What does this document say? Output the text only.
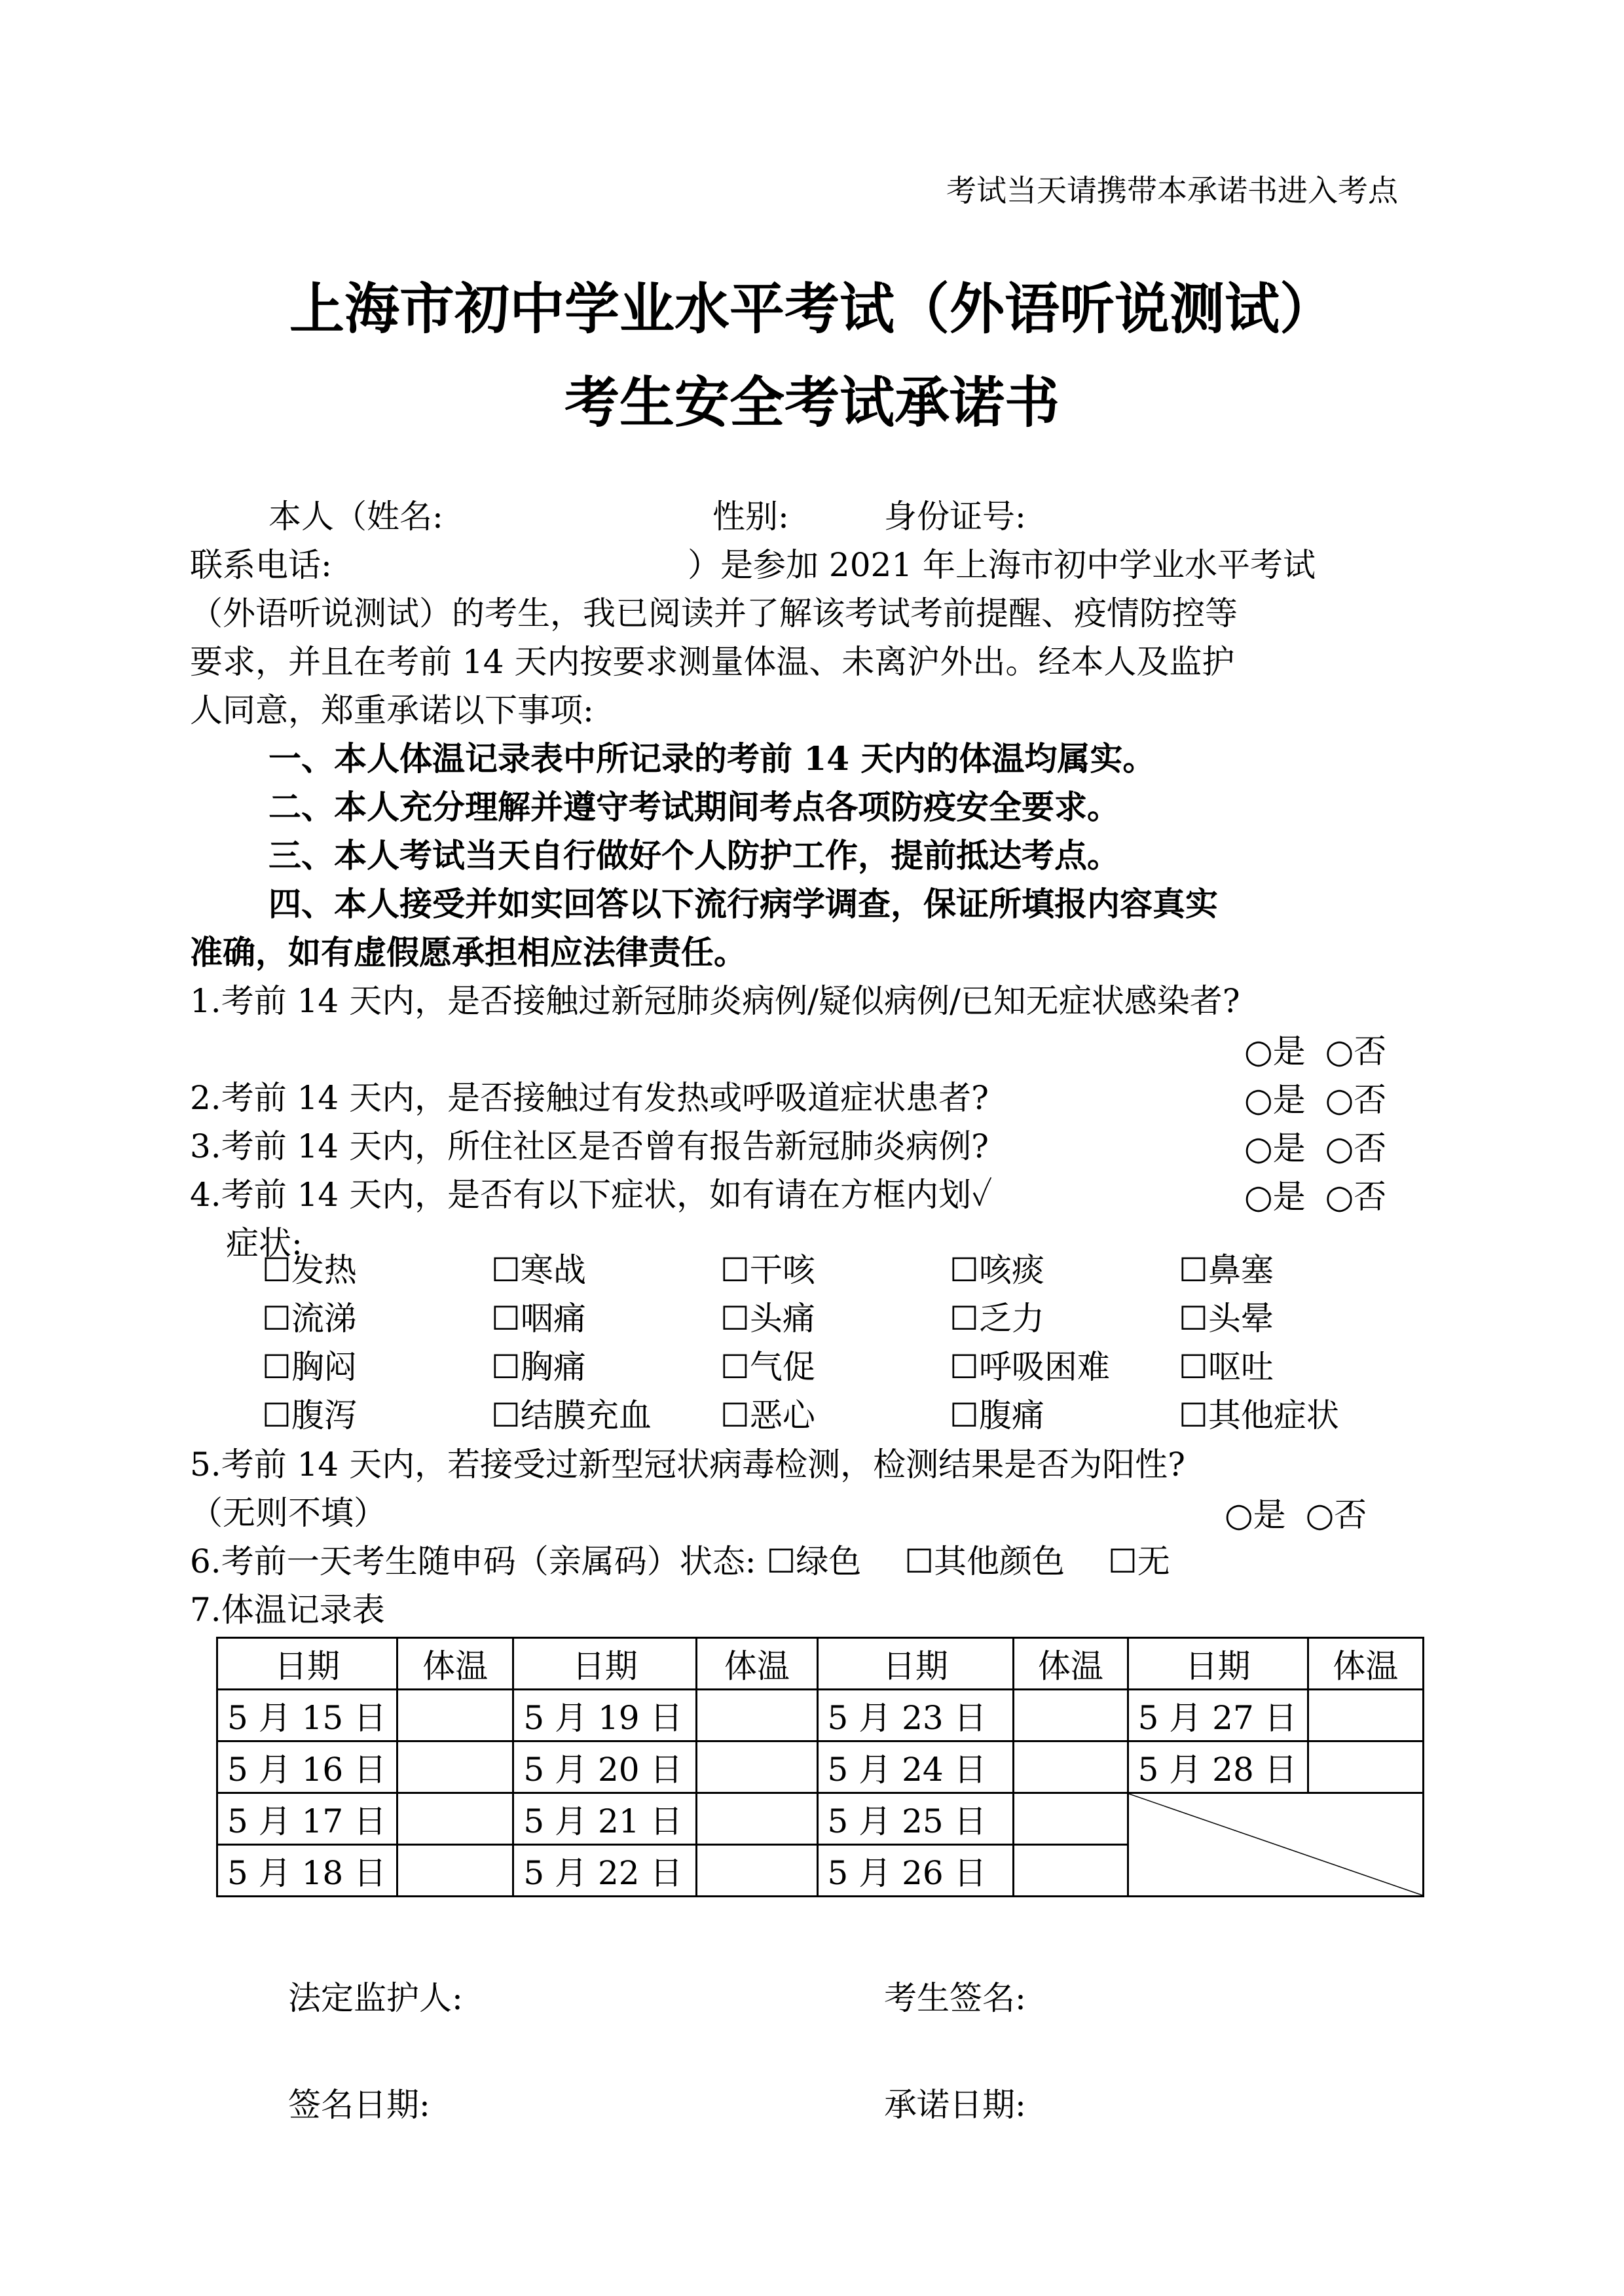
考试当天请携带本承诺书进入考点
上海市初中学业水平考试（外语听说测试）
考生安全考试承诺书
本人（姓名:	性别:	身份证号:
联系电话:	）是参加 2021 年上海市初中学业水平考试
（外语听说测试）的考生，我已阅读并了解该考试考前提醒、疫情防控等
要求，并且在考前 14 天内按要求测量体温、未离沪外出。经本人及监护
人同意，郑重承诺以下事项:
一、本人体温记录表中所记录的考前 14 天内的体温均属实。
二、本人充分理解并遵守考试期间考点各项防疫安全要求。
三、本人考试当天自行做好个人防护工作，提前抵达考点。
四、本人接受并如实回答以下流行病学调查，保证所填报内容真实
准确，如有虚假愿承担相应法律责任。
1.考前 14 天内，是否接触过新冠肺炎病例/疑似病例/已知无症状感染者?
○是 ○否
2.考前 14 天内，是否接触过有发热或呼吸道症状患者?	○是 ○否
3.考前 14 天内，所住社区是否曾有报告新冠肺炎病例?	○是 ○否
4.考前 14 天内，是否有以下症状，如有请在方框内划✓	○是 ○否
症状:
☐发热	☐寒战	☐干咳	☐咳痰	☐鼻塞
☐流涕	☐咽痛	☐头痛	☐乏力	☐头晕
☐胸闷	☐胸痛	☐气促	☐呼吸困难 ☐呕吐
☐腹泻	☐结膜充血 ☐恶心	☐腹痛	☐其他症状
5.考前 14 天内，若接受过新型冠状病毒检测，检测结果是否为阳性?
（无则不填）	○是 ○否
6.考前一天考生随申码（亲属码）状态: ☐绿色 ☐其他颜色 ☐无
7.体温记录表
日期	体温	日期	体温	日期	体温	日期	体温
5 月 15 日		5 月 19 日		5 月 23 日		5 月 27 日	
5 月 16 日		5 月 20 日		5 月 24 日		5 月 28 日	
5 月 17 日		5 月 21 日		5 月 25 日		

5 月 18 日		5 月 22 日		5 月 26 日			
法定监护人:	考生签名:
签名日期:	承诺日期:
